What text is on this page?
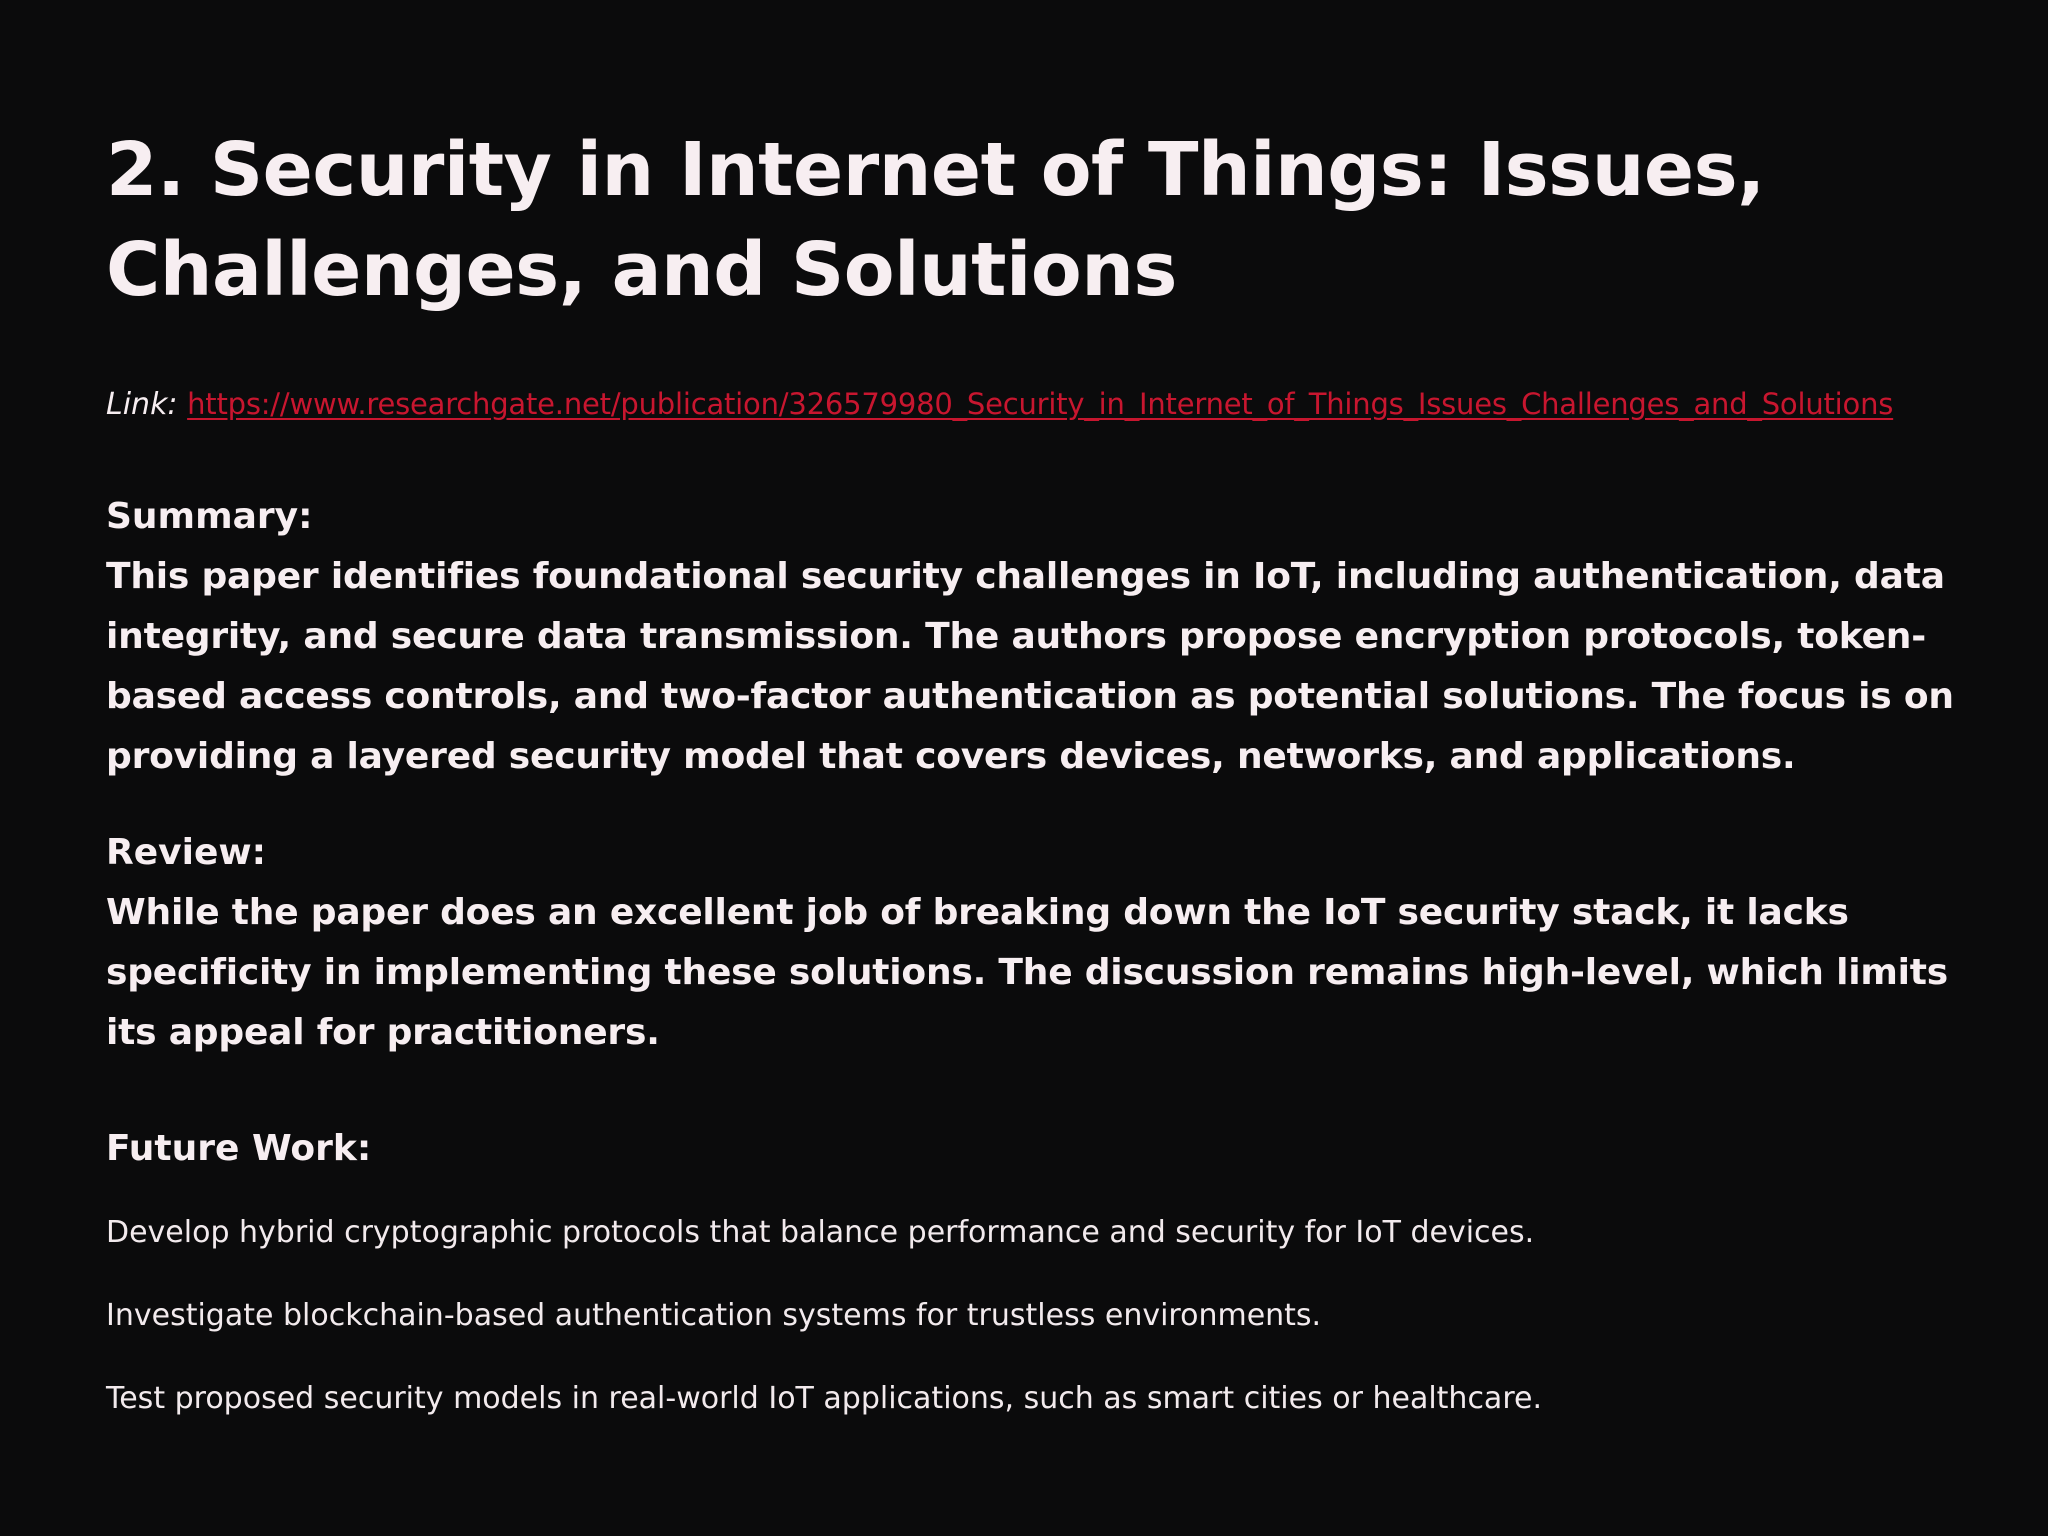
2. Security in Internet of Things: Issues, Challenges, and Solutions
Link: https://www.researchgate.net/publication/326579980_Security_in_Internet_of_Things_Issues_Challenges_and_Solutions

Summary:

This paper identifies foundational security challenges in IoT, including authentication, data integrity, and secure data transmission. The authors propose encryption protocols, token-based access controls, and two-factor authentication as potential solutions. The focus is on providing a layered security model that covers devices, networks, and applications.

Review:

While the paper does an excellent job of breaking down the IoT security stack, it lacks specificity in implementing these solutions. The discussion remains high-level, which limits its appeal for practitioners.

Future Work:

Develop hybrid cryptographic protocols that balance performance and security for IoT devices.
Investigate blockchain-based authentication systems for trustless environments.
Test proposed security models in real-world IoT applications, such as smart cities or healthcare.
